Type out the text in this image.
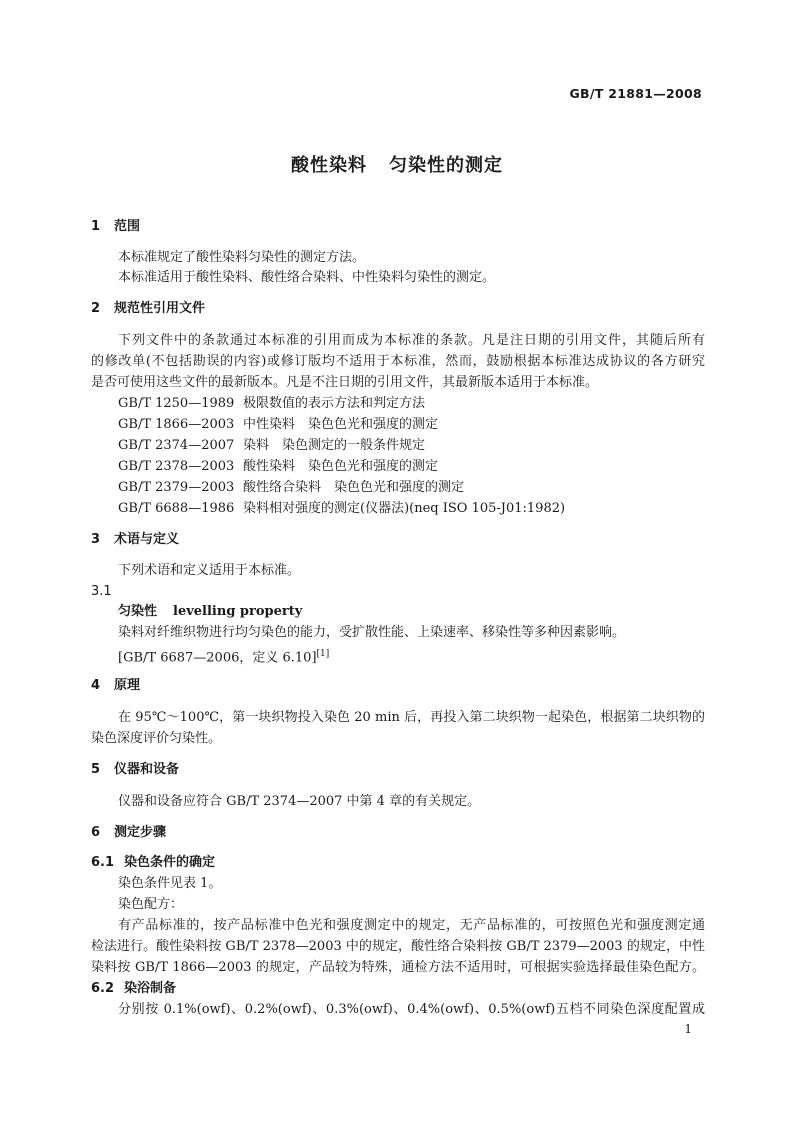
GB/T 21881—2008
酸性染料 匀染性的测定
1 范围
本标准规定了酸性染料匀染性的测定方法。
本标准适用于酸性染料、酸性络合染料、中性染料匀染性的测定。
2 规范性引用文件
下列文件中的条款通过本标准的引用而成为本标准的条款。凡是注日期的引用文件，其随后所有
的修改单(不包括勘误的内容)或修订版均不适用于本标准，然而，鼓励根据本标准达成协议的各方研究
是否可使用这些文件的最新版本。凡是不注日期的引用文件，其最新版本适用于本标准。
GB/T 1250—1989 极限数值的表示方法和判定方法
GB/T 1866—2003 中性染料　染色色光和强度的测定
GB/T 2374—2007 染料　染色测定的一般条件规定
GB/T 2378—2003 酸性染料　染色色光和强度的测定
GB/T 2379—2003 酸性络合染料　染色色光和强度的测定
GB/T 6688—1986 染料相对强度的测定(仪器法)(neq ISO 105-J01:1982)
3 术语与定义
下列术语和定义适用于本标准。
3.1
匀染性 levelling property
染料对纤维织物进行均匀染色的能力，受扩散性能、上染速率、移染性等多种因素影响。
[GB/T 6687—2006，定义 6.10][1]
4 原理
在 95℃～100℃，第一块织物投入染色 20 min 后，再投入第二块织物一起染色，根据第二块织物的
染色深度评价匀染性。
5 仪器和设备
仪器和设备应符合 GB/T 2374—2007 中第 4 章的有关规定。
6 测定步骤
6.1 染色条件的确定
染色条件见表 1。
染色配方：
有产品标准的，按产品标准中色光和强度测定中的规定，无产品标准的，可按照色光和强度测定通
检法进行。酸性染料按 GB/T 2378—2003 中的规定，酸性络合染料按 GB/T 2379—2003 的规定，中性
染料按 GB/T 1866—2003 的规定，产品较为特殊，通检方法不适用时，可根据实验选择最佳染色配方。
6.2 染浴制备
分别按 0.1%(owf)、0.2%(owf)、0.3%(owf)、0.4%(owf)、0.5%(owf)五档不同染色深度配置成
1
